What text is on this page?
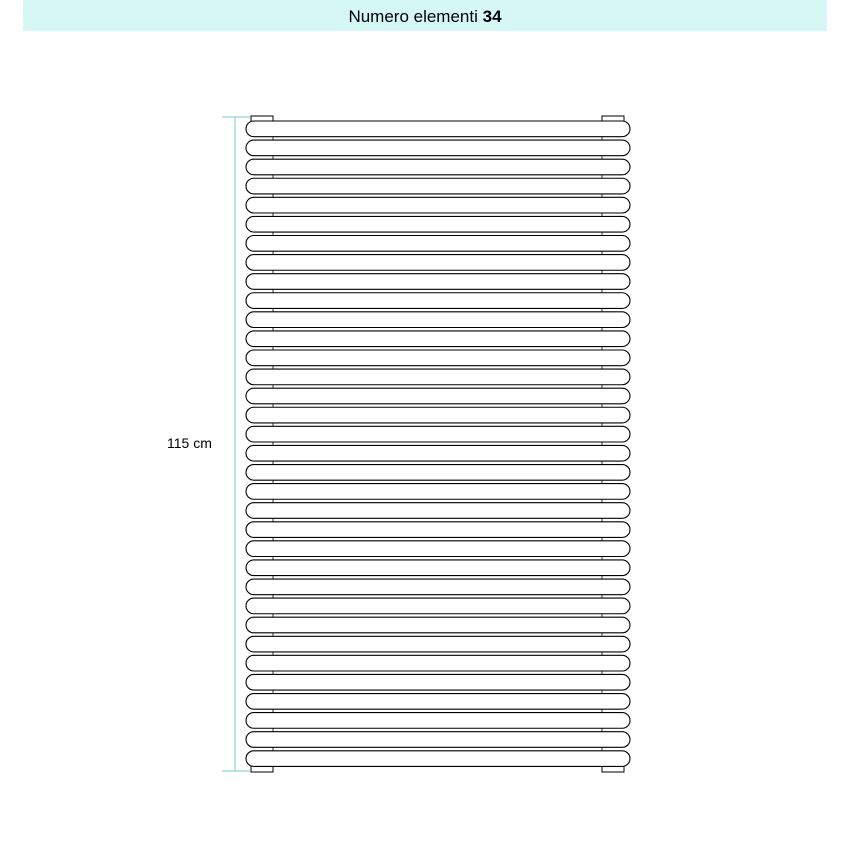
Numero elementi 34
115 cm
